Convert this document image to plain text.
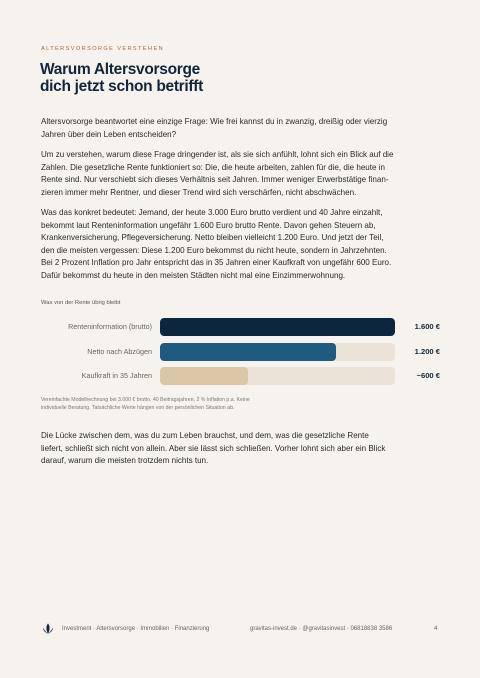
ALTERSVORSORGE VERSTEHEN
Warum Altersvorsorge
dich jetzt schon betrifft
Altersvorsorge beantwortet eine einzige Frage: Wie frei kannst du in zwanzig, dreißig oder vierzig
Jahren über dein Leben entscheiden?
Um zu verstehen, warum diese Frage dringender ist, als sie sich anfühlt, lohnt sich ein Blick auf die
Zahlen. Die gesetzliche Rente funktioniert so: Die, die heute arbeiten, zahlen für die, die heute in
Rente sind. Nur verschiebt sich dieses Verhältnis seit Jahren. Immer weniger Erwerbstätige finan-
zieren immer mehr Rentner, und dieser Trend wird sich verschärfen, nicht abschwächen.
Was das konkret bedeutet: Jemand, der heute 3.000 Euro brutto verdient und 40 Jahre einzahlt,
bekommt laut Renteninformation ungefähr 1.600 Euro brutto Rente. Davon gehen Steuern ab,
Krankenversicherung, Pflegeversicherung. Netto bleiben vielleicht 1.200 Euro. Und jetzt der Teil,
den die meisten vergessen: Diese 1.200 Euro bekommst du nicht heute, sondern in Jahrzehnten.
Bei 2 Prozent Inflation pro Jahr entspricht das in 35 Jahren einer Kaufkraft von ungefähr 600 Euro.
Dafür bekommst du heute in den meisten Städten nicht mal eine Einzimmerwohnung.
Was von der Rente übrig bleibt
Renteninformation (brutto)	1.600 €
Netto nach Abzügen	1.200 €
Kaufkraft in 35 Jahren	~600 €
Vereinfachte Modellrechnung bei 3.000 € brutto, 40 Beitragsjahren, 2 % Inflation p.a. Keine
individuelle Beratung. Tatsächliche Werte hängen von der persönlichen Situation ab.
Die Lücke zwischen dem, was du zum Leben brauchst, und dem, was die gesetzliche Rente
liefert, schließt sich nicht von allein. Aber sie lässt sich schließen. Vorher lohnt sich aber ein Blick
darauf, warum die meisten trotzdem nichts tun.
Investment · Altersvorsorge · Immobilien · Finanzierung	gravitas-invest.de · @gravitasinvest · 06818838 3586	4
